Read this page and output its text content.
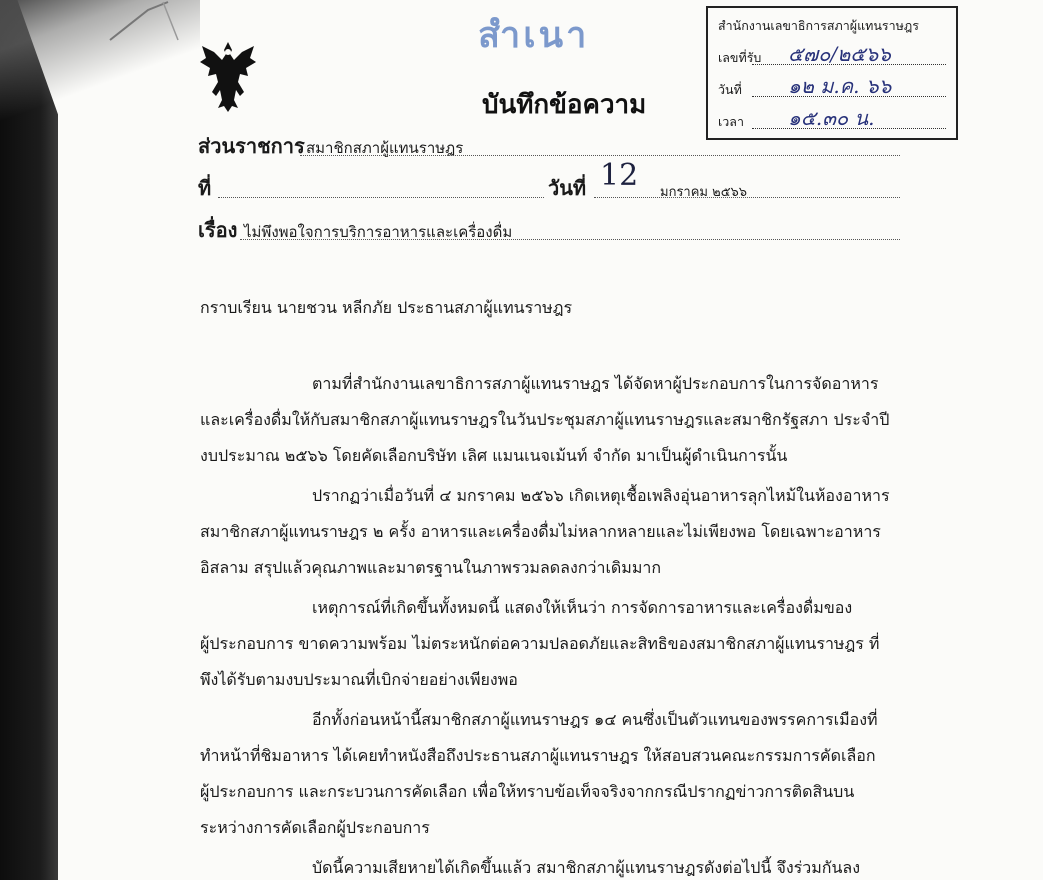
สำเนา
บันทึกข้อความ
สำนักงานเลขาธิการสภาผู้แทนราษฎร
เลขที่รับ ๕๗๐/๒๕๖๖
วันที่ ๑๒ ม.ค. ๖๖
เวลา ๑๕.๓๐ น.
ส่วนราชการ สมาชิกสภาผู้แทนราษฎร
ที่	วันที่ 12 มกราคม ๒๕๖๖
เรื่อง ไม่พึงพอใจการบริการอาหารและเครื่องดื่ม
กราบเรียน นายชวน หลีกภัย ประธานสภาผู้แทนราษฎร
ตามที่สำนักงานเลขาธิการสภาผู้แทนราษฎร ได้จัดหาผู้ประกอบการในการจัดอาหาร
และเครื่องดื่มให้กับสมาชิกสภาผู้แทนราษฎรในวันประชุมสภาผู้แทนราษฎรและสมาชิกรัฐสภา ประจำปี
งบประมาณ ๒๕๖๖ โดยคัดเลือกบริษัท เลิศ แมนเนจเม้นท์ จำกัด มาเป็นผู้ดำเนินการนั้น
ปรากฏว่าเมื่อวันที่ ๔ มกราคม ๒๕๖๖ เกิดเหตุเชื้อเพลิงอุ่นอาหารลุกไหม้ในห้องอาหาร
สมาชิกสภาผู้แทนราษฎร ๒ ครั้ง อาหารและเครื่องดื่มไม่หลากหลายและไม่เพียงพอ โดยเฉพาะอาหาร
อิสลาม สรุปแล้วคุณภาพและมาตรฐานในภาพรวมลดลงกว่าเดิมมาก
เหตุการณ์ที่เกิดขึ้นทั้งหมดนี้ แสดงให้เห็นว่า การจัดการอาหารและเครื่องดื่มของ
ผู้ประกอบการ ขาดความพร้อม ไม่ตระหนักต่อความปลอดภัยและสิทธิของสมาชิกสภาผู้แทนราษฎร ที่
พึงได้รับตามงบประมาณที่เบิกจ่ายอย่างเพียงพอ
อีกทั้งก่อนหน้านี้สมาชิกสภาผู้แทนราษฎร ๑๔ คนซึ่งเป็นตัวแทนของพรรคการเมืองที่
ทำหน้าที่ชิมอาหาร ได้เคยทำหนังสือถึงประธานสภาผู้แทนราษฎร ให้สอบสวนคณะกรรมการคัดเลือก
ผู้ประกอบการ และกระบวนการคัดเลือก เพื่อให้ทราบข้อเท็จจริงจากกรณีปรากฏข่าวการติดสินบน
ระหว่างการคัดเลือกผู้ประกอบการ
บัดนี้ความเสียหายได้เกิดขึ้นแล้ว สมาชิกสภาผู้แทนราษฎรดังต่อไปนี้ จึงร่วมกันลง
